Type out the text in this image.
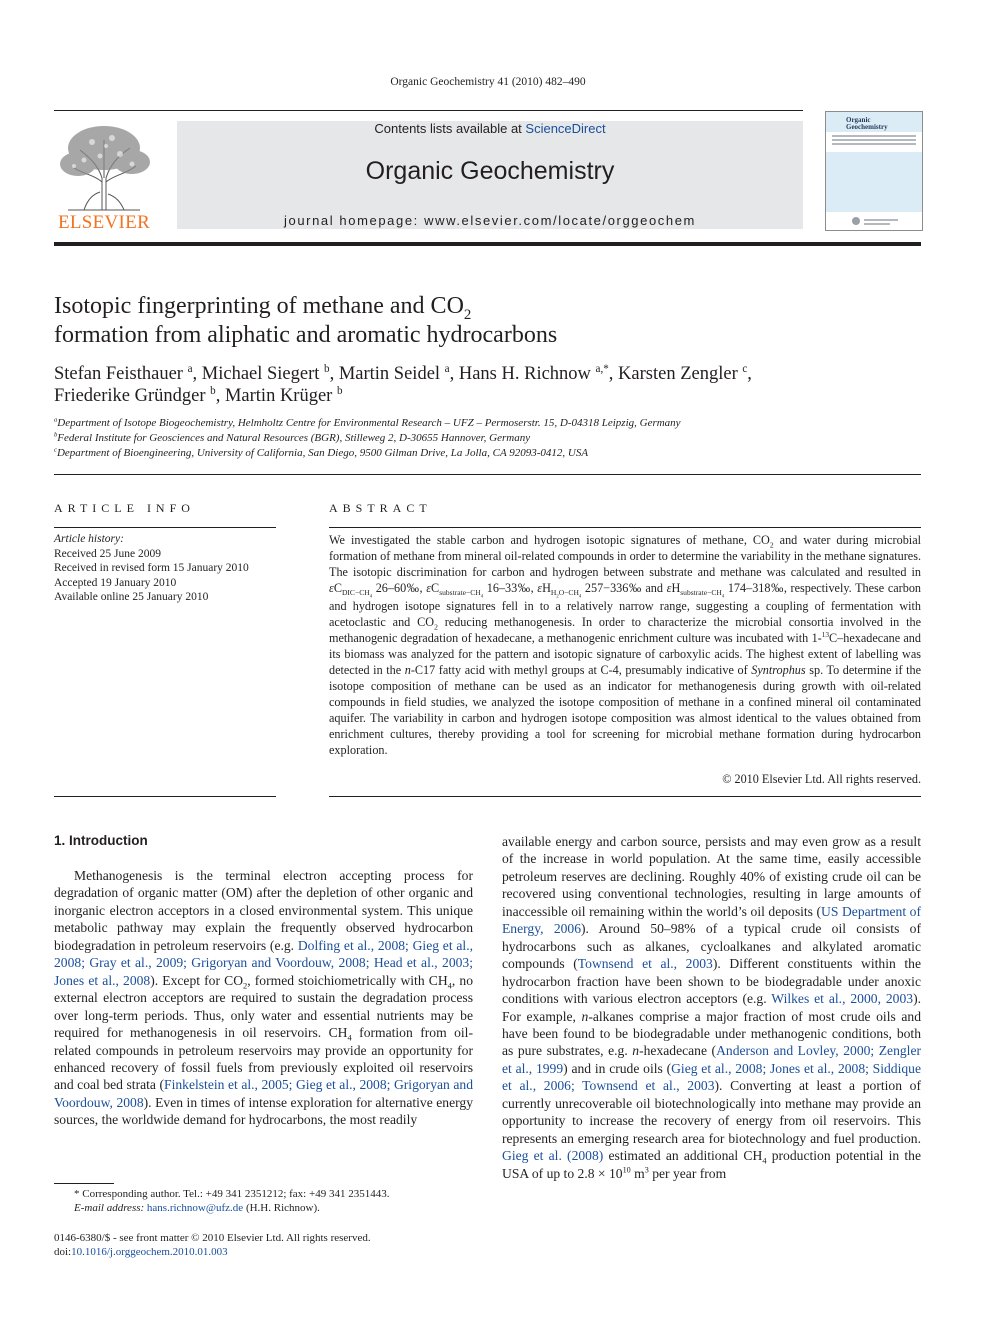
Organic Geochemistry 41 (2010) 482–490
ELSEVIER
Contents lists available at ScienceDirect
Organic Geochemistry
journal homepage: www.elsevier.com/locate/orggeochem
Organic
Geochemistry
Isotopic fingerprinting of methane and $CO_2$
formation from aliphatic and aromatic hydrocarbons
Stefan Feisthauer $^a$, Michael Siegert $^b$, Martin Seidel $^a$, Hans H. Richnow $^{a,*}$, Karsten Zengler $^c$,
Friederike Gründger $^b$, Martin Krüger $^b$
$^a$Department of Isotope Biogeochemistry, Helmholtz Centre for Environmental Research – UFZ – Permoserstr. 15, D-04318 Leipzig, Germany
$^b$Federal Institute for Geosciences and Natural Resources (BGR), Stilleweg 2, D-30655 Hannover, Germany
$^c$Department of Bioengineering, University of California, San Diego, 9500 Gilman Drive, La Jolla, CA 92093-0412, USA
ARTICLE INFO	ABSTRACT
Article history:
Received 25 June 2009
Received in revised form 15 January 2010
Accepted 19 January 2010
Available online 25 January 2010
We investigated the stable carbon and hydrogen isotopic signatures of methane, $CO_2$ and water during microbial formation of methane from mineral oil-related compounds in order to determine the variability in the methane signatures. The isotopic discrimination for carbon and hydrogen between substrate and methane was calculated and resulted in $\varepsilon C_{DIC-CH_4}$ 26–60‰, $\varepsilon C_{substrate-CH_4}$ 16–33‰, $\varepsilon H_{H_2O-CH_4}$ 257−336‰ and $\varepsilon H_{substrate-CH_4}$ 174–318‰, respectively. These carbon and hydrogen isotope signatures fell in to a relatively narrow range, suggesting a coupling of fermentation with acetoclastic and $CO_2$ reducing methanogenesis. In order to characterize the microbial consortia involved in the methanogenic degradation of hexadecane, a methanogenic enrichment culture was incubated with 1-$^{13}$C–hexadecane and its biomass was analyzed for the pattern and isotopic signature of carboxylic acids. The highest extent of labelling was detected in the n-C17 fatty acid with methyl groups at C-4, presumably indicative of Syntrophus sp. To determine if the isotope composition of methane can be used as an indicator for methanogenesis during growth with oil-related compounds in field studies, we analyzed the isotope composition of methane in a confined mineral oil contaminated aquifer. The variability in carbon and hydrogen isotope composition was almost identical to the values obtained from enrichment cultures, thereby providing a tool for screening for microbial methane formation during hydrocarbon exploration.
© 2010 Elsevier Ltd. All rights reserved.
1. Introduction
Methanogenesis is the terminal electron accepting process for degradation of organic matter (OM) after the depletion of other organic and inorganic electron acceptors in a closed environmental system. This unique metabolic pathway may explain the frequently observed hydrocarbon biodegradation in petroleum reservoirs (e.g. Dolfing et al., 2008; Gieg et al., 2008; Gray et al., 2009; Grigoryan and Voordouw, 2008; Head et al., 2003; Jones et al., 2008). Except for $CO_2$, formed stoichiometrically with $CH_4$, no external electron acceptors are required to sustain the degradation process over long-term periods. Thus, only water and essential nutrients may be required for methanogenesis in oil reservoirs. $CH_4$ formation from oil-related compounds in petroleum reservoirs may provide an opportunity for enhanced recovery of fossil fuels from previously exploited oil reservoirs and coal bed strata (Finkelstein et al., 2005; Gieg et al., 2008; Grigoryan and Voordouw, 2008). Even in times of intense exploration for alternative energy sources, the worldwide demand for hydrocarbons, the most readily
available energy and carbon source, persists and may even grow as a result of the increase in world population. At the same time, easily accessible petroleum reserves are declining. Roughly 40% of existing crude oil can be recovered using conventional technologies, resulting in large amounts of inaccessible oil remaining within the world’s oil deposits (US Department of Energy, 2006). Around 50–98% of a typical crude oil consists of hydrocarbons such as alkanes, cycloalkanes and alkylated aromatic compounds (Townsend et al., 2003). Different constituents within the hydrocarbon fraction have been shown to be biodegradable under anoxic conditions with various electron acceptors (e.g. Wilkes et al., 2000, 2003). For example, n-alkanes comprise a major fraction of most crude oils and have been found to be biodegradable under methanogenic conditions, both as pure substrates, e.g. n-hexadecane (Anderson and Lovley, 2000; Zengler et al., 1999) and in crude oils (Gieg et al., 2008; Jones et al., 2008; Siddique et al., 2006; Townsend et al., 2003). Converting at least a portion of currently unrecoverable oil biotechnologically into methane may provide an opportunity to increase the recovery of energy from oil reservoirs. This represents an emerging research area for biotechnology and fuel production. Gieg et al. (2008) estimated an additional $CH_4$ production potential in the USA of up to $2.8 \times 10^{10}$ $m^3$ per year from
* Corresponding author. Tel.: +49 341 2351212; fax: +49 341 2351443.
E-mail address: hans.richnow@ufz.de (H.H. Richnow).
0146-6380/$ - see front matter © 2010 Elsevier Ltd. All rights reserved.
doi:10.1016/j.orggeochem.2010.01.003
